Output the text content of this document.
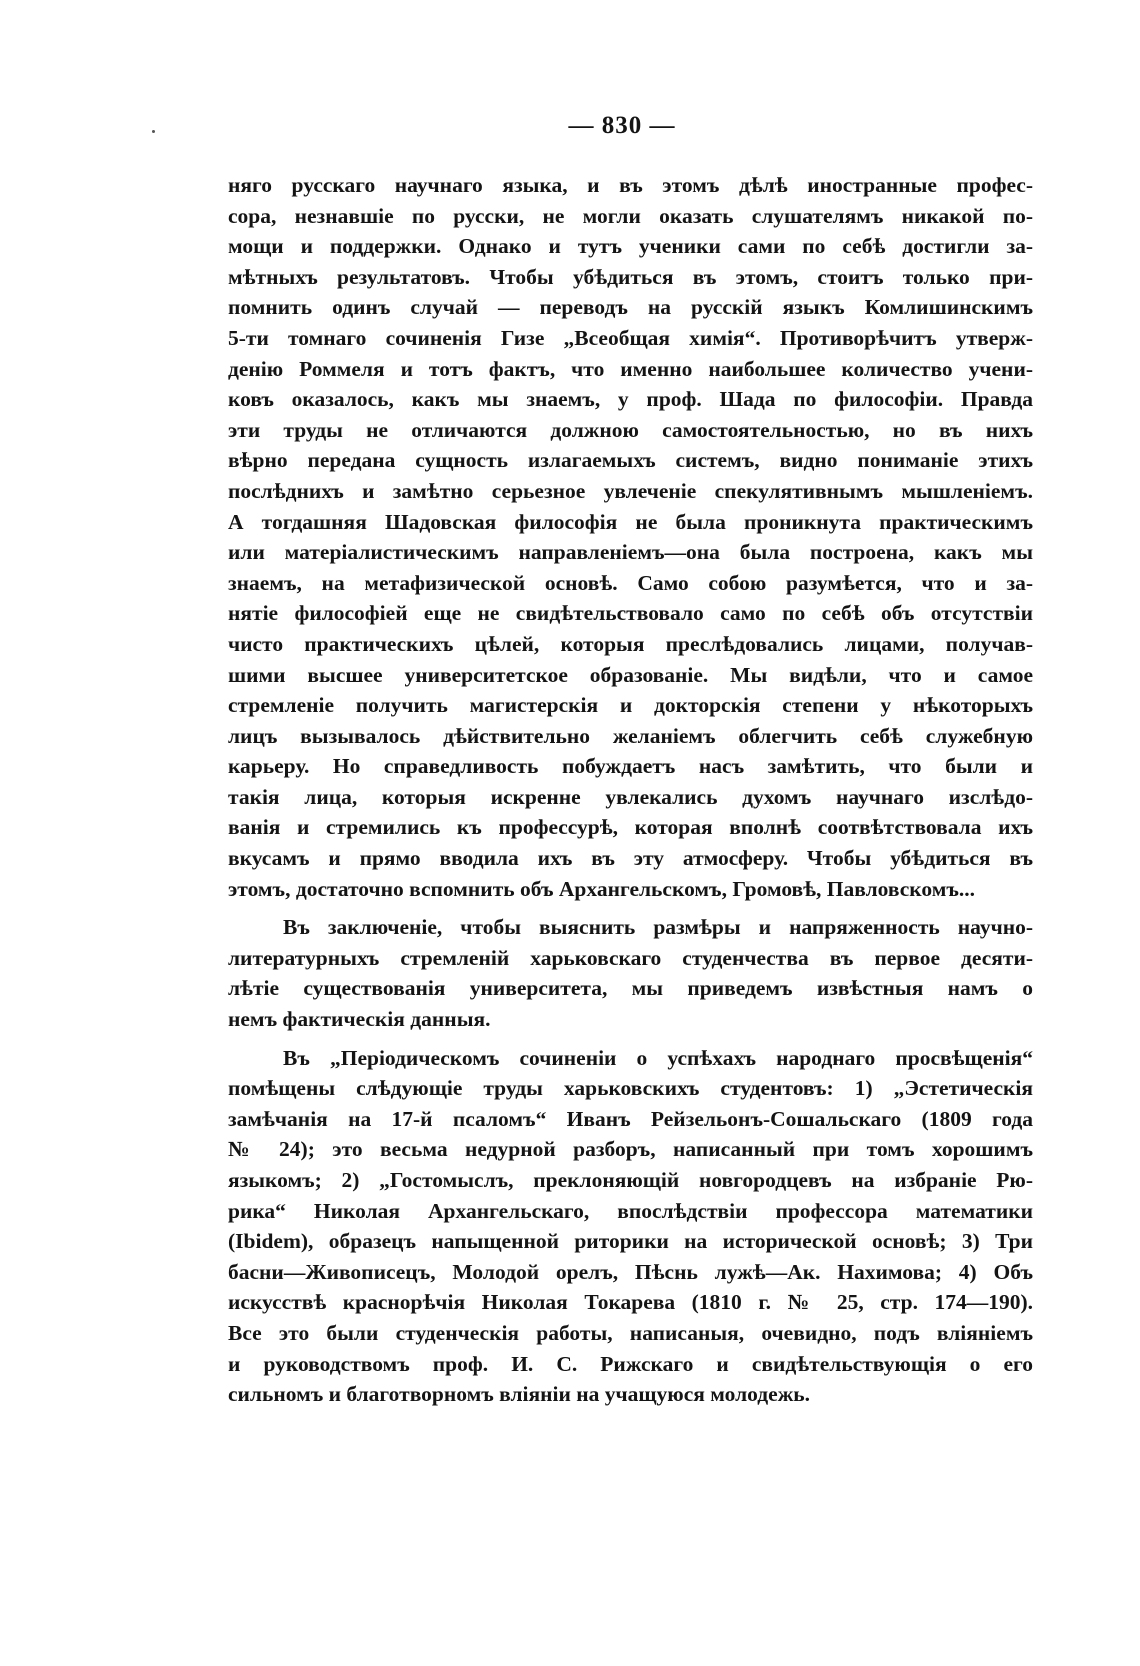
— 830 —
няго русскаго научнаго языка, и въ этомъ дѣлѣ иностранные профес-
сора, незнавшіе по русски, не могли оказать слушателямъ никакой по-
мощи и поддержки. Однако и тутъ ученики сами по себѣ достигли за-
мѣтныхъ результатовъ. Чтобы убѣдиться въ этомъ, стоитъ только при-
помнить одинъ случай — переводъ на русскій языкъ Комлишинскимъ
5-ти томнаго сочиненія Гизе „Всеобщая химія“. Противорѣчитъ утверж-
денію Роммеля и тотъ фактъ, что именно наибольшее количество учени-
ковъ оказалось, какъ мы знаемъ, у проф. Шада по философіи. Правда
эти труды не отличаются должною самостоятельностью, но въ нихъ
вѣрно передана сущность излагаемыхъ системъ, видно пониманіе этихъ
послѣднихъ и замѣтно серьезное увлеченіе спекулятивнымъ мышленіемъ.
А тогдашняя Шадовская философія не была проникнута практическимъ
или матеріалистическимъ направленіемъ—она была построена, какъ мы
знаемъ, на метафизической основѣ. Само собою разумѣется, что и за-
нятіе философіей еще не свидѣтельствовало само по себѣ объ отсутствіи
чисто практическихъ цѣлей, которыя преслѣдовались лицами, получав-
шими высшее университетское образованіе. Мы видѣли, что и самое
стремленіе получить магистерскія и докторскія степени у нѣкоторыхъ
лицъ вызывалось дѣйствительно желаніемъ облегчить себѣ служебную
карьеру. Но справедливость побуждаетъ насъ замѣтить, что были и
такія лица, которыя искренне увлекались духомъ научнаго изслѣдо-
ванія и стремились къ профессурѣ, которая вполнѣ соотвѣтствовала ихъ
вкусамъ и прямо вводила ихъ въ эту атмосферу. Чтобы убѣдиться въ
этомъ, достаточно вспомнить объ Архангельскомъ, Громовѣ, Павловскомъ...
Въ заключеніе, чтобы выяснить размѣры и напряженность научно-
литературныхъ стремленій харьковскаго студенчества въ первое десяти-
лѣтіе существованія университета, мы приведемъ извѣстныя намъ о
немъ фактическія данныя.
Въ „Періодическомъ сочиненіи о успѣхахъ народнаго просвѣщенія“
помѣщены слѣдующіе труды харьковскихъ студентовъ: 1) „Эстетическія
замѣчанія на 17-й псаломъ“ Иванъ Рейзельонъ-Сошальскаго (1809 года
№ 24); это весьма недурной разборъ, написанный при томъ хорошимъ
языкомъ; 2) „Гостомыслъ, преклоняющій новгородцевъ на избраніе Рю-
рика“ Николая Архангельскаго, впослѣдствіи профессора математики
(Ibidem), образецъ напыщенной риторики на исторической основѣ; 3) Три
басни—Живописецъ, Молодой орелъ, Пѣснь лужѣ—Ак. Нахимова; 4) Объ
искусствѣ краснорѣчія Николая Токарева (1810 г. № 25, стр. 174—190).
Все это были студенческія работы, написаныя, очевидно, подъ вліяніемъ
и руководствомъ проф. И. С. Рижскаго и свидѣтельствующія о его
сильномъ и благотворномъ вліяніи на учащуюся молодежь.
